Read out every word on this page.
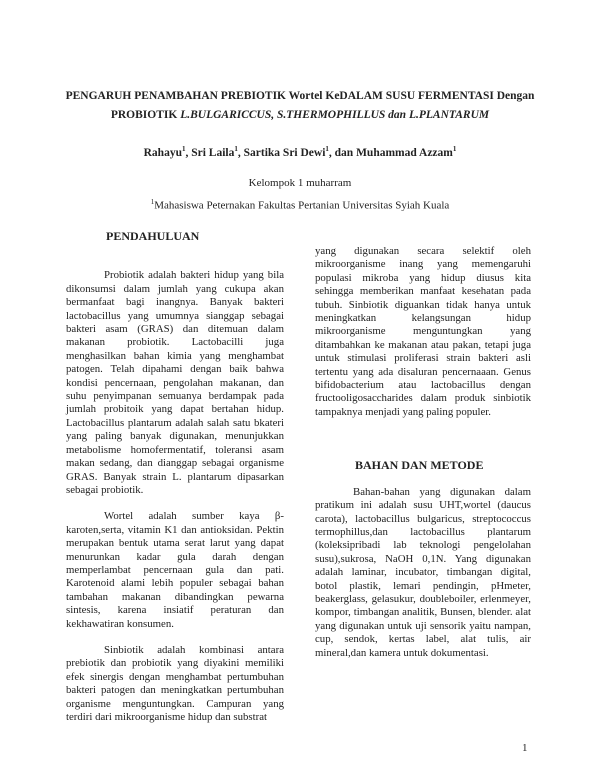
PENGARUH PENAMBAHAN PREBIOTIK Wortel KeDALAM SUSU FERMENTASI Dengan
PROBIOTIK L.BULGARICCUS, S.THERMOPHILLUS dan L.PLANTARUM
Rahayu$^1$, Sri Laila$^1$, Sartika Sri Dewi$^1$, dan Muhammad Azzam$^1$
Kelompok 1 muharram
$^1$Mahasiswa Peternakan Fakultas Pertanian Universitas Syiah Kuala
PENDAHULUAN

Probiotik adalah bakteri hidup yang bila dikonsumsi dalam jumlah yang cukupa akan bermanfaat bagi inangnya. Banyak bakteri lactobacillus yang umumnya sianggap sebagai bakteri asam (GRAS) dan ditemuan dalam makanan probiotik. Lactobacilli juga menghasilkan bahan kimia yang menghambat patogen. Telah dipahami dengan baik bahwa kondisi pencernaan, pengolahan makanan, dan suhu penyimpanan semuanya berdampak pada jumlah probitoik yang dapat bertahan hidup. Lactobacillus plantarum adalah salah satu bkateri yang paling banyak digunakan, menunjukkan metabolisme homofermentatif, toleransi asam makan sedang, dan dianggap sebagai organisme GRAS. Banyak strain L. plantarum dipasarkan sebagai probiotik.

Wortel adalah sumber kaya β-karoten,serta, vitamin K1 dan antioksidan. Pektin merupakan bentuk utama serat larut yang dapat menurunkan kadar gula darah dengan memperlambat pencernaan gula dan pati. Karotenoid alami lebih populer sebagai bahan tambahan makanan dibandingkan pewarna sintesis, karena insiatif peraturan dan kekhawatiran konsumen.

Sinbiotik adalah kombinasi antara prebiotik dan probiotik yang diyakini memiliki efek sinergis dengan menghambat pertumbuhan bakteri patogen dan meningkatkan pertumbuhan organisme menguntungkan. Campuran yang terdiri dari mikroorganisme hidup dan substrat

yang digunakan secara selektif oleh mikroorganisme inang yang memengaruhi populasi mikroba yang hidup diusus kita sehingga memberikan manfaat kesehatan pada tubuh. Sinbiotik diguankan tidak hanya untuk meningkatkan kelangsungan hidup mikroorganisme menguntungkan yang ditambahkan ke makanan atau pakan, tetapi juga untuk stimulasi proliferasi strain bakteri asli tertentu yang ada disaluran pencernaaan. Genus bifidobacterium atau lactobacillus dengan fructooligosaccharides dalam produk sinbiotik tampaknya menjadi yang paling populer.

BAHAN DAN METODE

Bahan-bahan yang digunakan dalam pratikum ini adalah susu UHT,wortel (daucus carota), lactobacillus bulgaricus, streptococcus termophillus,dan lactobacillus plantarum (koleksipribadi lab teknologi pengelolahan susu),sukrosa, NaOH 0,1N. Yang digunakan adalah laminar, incubator, timbangan digital, botol plastik, lemari pendingin, pHmeter, beakerglass, gelasukur, doubleboiler, erlenmeyer, kompor, timbangan analitik, Bunsen, blender. alat yang digunakan untuk uji sensorik yaitu nampan, cup, sendok, kertas label, alat tulis, air mineral,dan kamera untuk dokumentasi.

1
